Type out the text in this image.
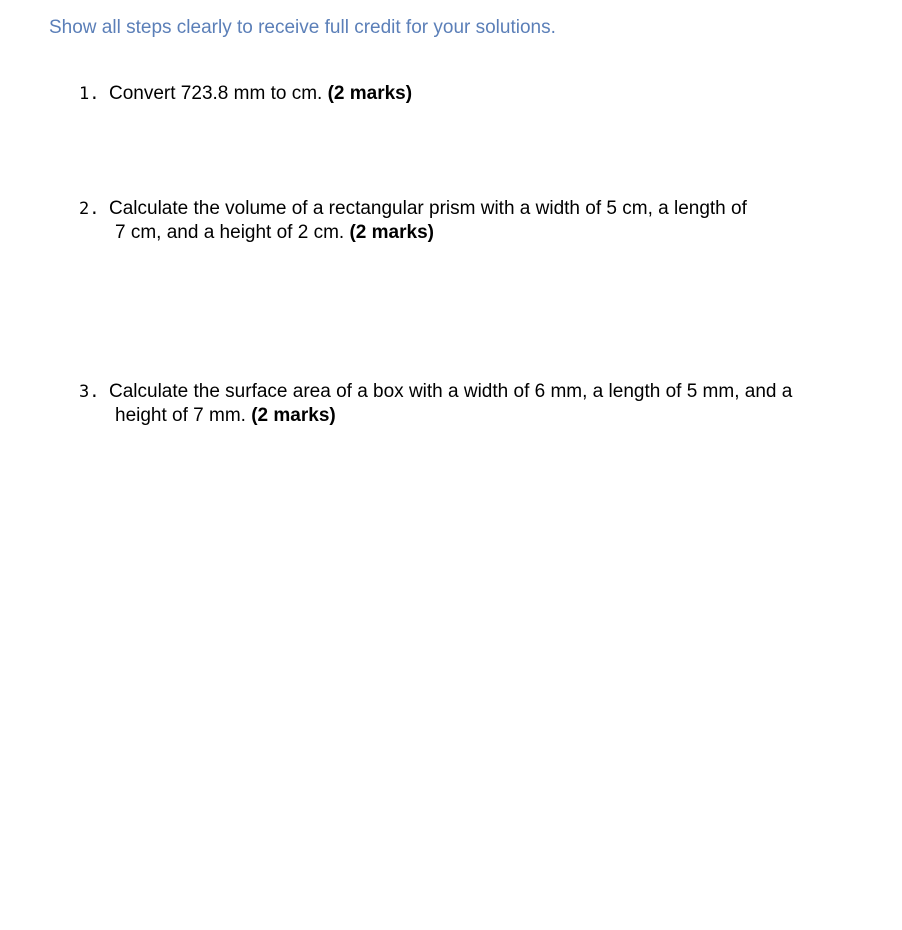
Show all steps clearly to receive full credit for your solutions.
1. Convert 723.8 mm to cm. (2 marks)
2. Calculate the volume of a rectangular prism with a width of 5 cm, a length of
7 cm, and a height of 2 cm. (2 marks)
3. Calculate the surface area of a box with a width of 6 mm, a length of 5 mm, and a
height of 7 mm. (2 marks)
